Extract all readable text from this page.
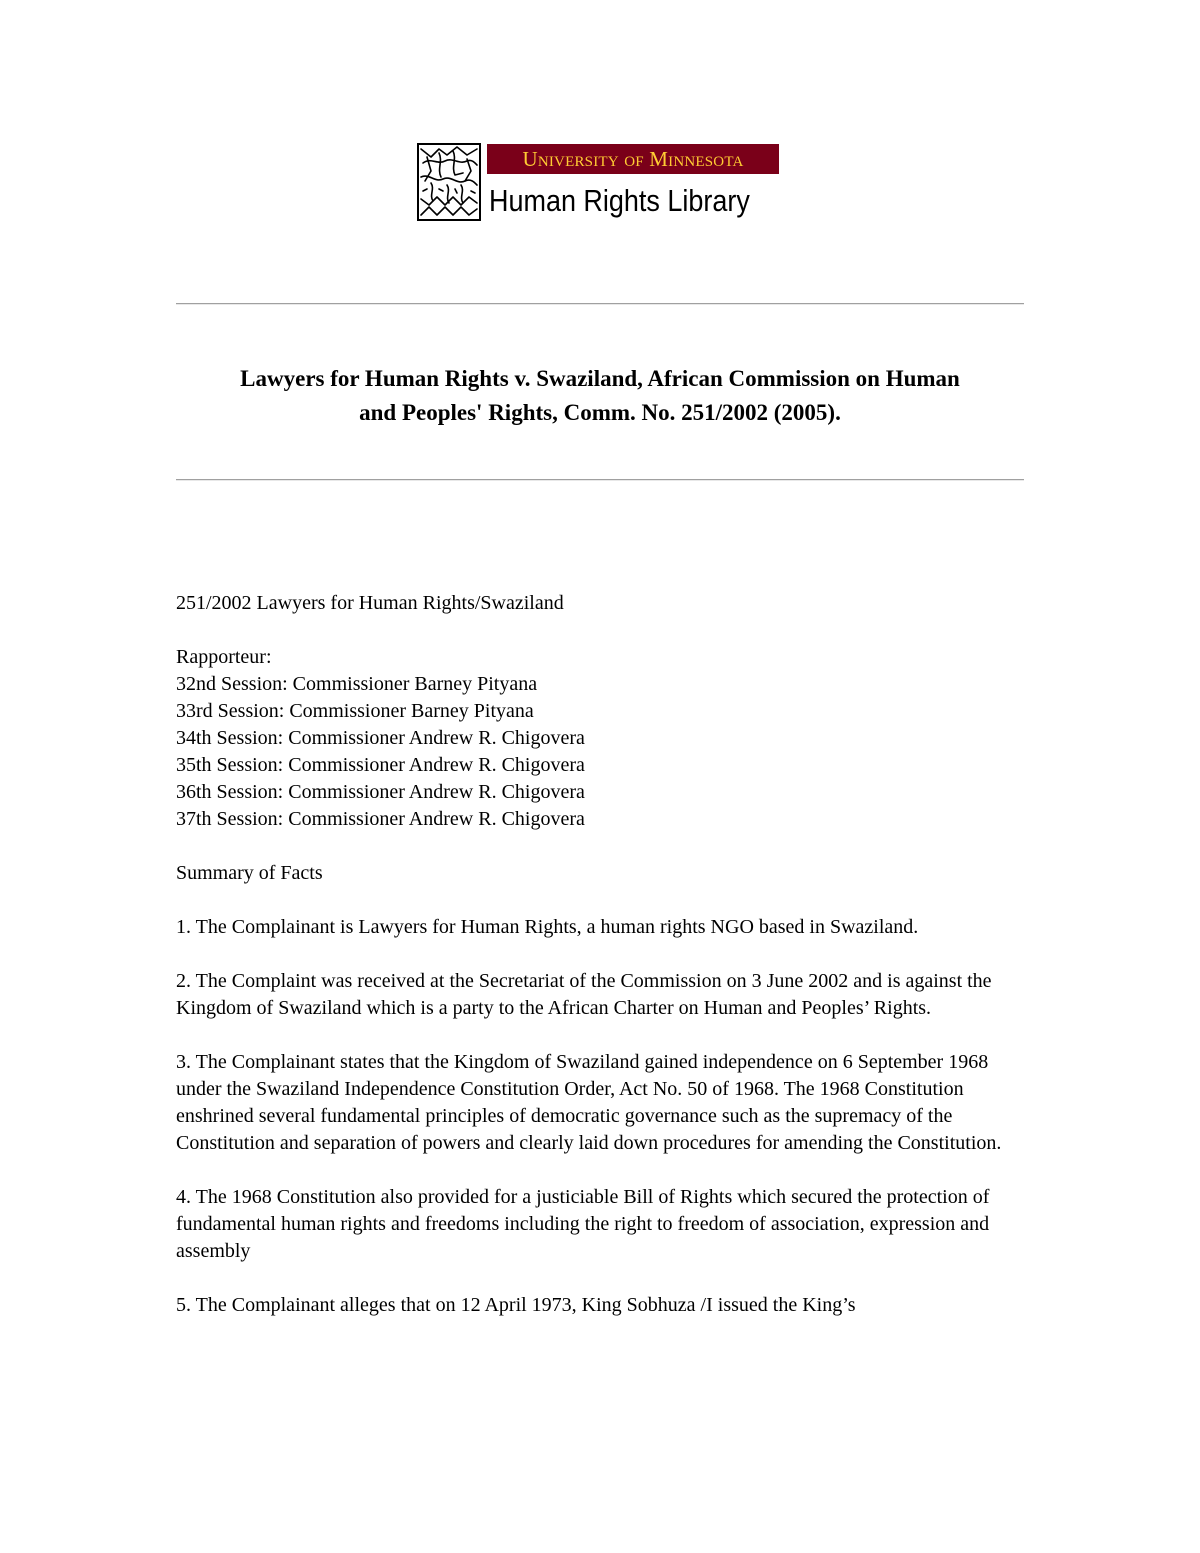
University of Minnesota
Human Rights Library
Lawyers for Human Rights v. Swaziland, African Commission on Human
and Peoples' Rights, Comm. No. 251/2002 (2005).

251/2002 Lawyers for Human Rights/Swaziland

Rapporteur:
32nd Session: Commissioner Barney Pityana
33rd Session: Commissioner Barney Pityana
34th Session: Commissioner Andrew R. Chigovera
35th Session: Commissioner Andrew R. Chigovera
36th Session: Commissioner Andrew R. Chigovera
37th Session: Commissioner Andrew R. Chigovera

Summary of Facts

1. The Complainant is Lawyers for Human Rights, a human rights NGO based in Swaziland.

2. The Complaint was received at the Secretariat of the Commission on 3 June 2002 and is against the Kingdom of Swaziland which is a party to the African Charter on Human and Peoples’ Rights.

3. The Complainant states that the Kingdom of Swaziland gained independence on 6 September 1968 under the Swaziland Independence Constitution Order, Act No. 50 of 1968. The 1968 Constitution enshrined several fundamental principles of democratic governance such as the supremacy of the Constitution and separation of powers and clearly laid down procedures for amending the Constitution.

4. The 1968 Constitution also provided for a justiciable Bill of Rights which secured the protection of fundamental human rights and freedoms including the right to freedom of association, expression and assembly

5. The Complainant alleges that on 12 April 1973, King Sobhuza /I issued the King’s
